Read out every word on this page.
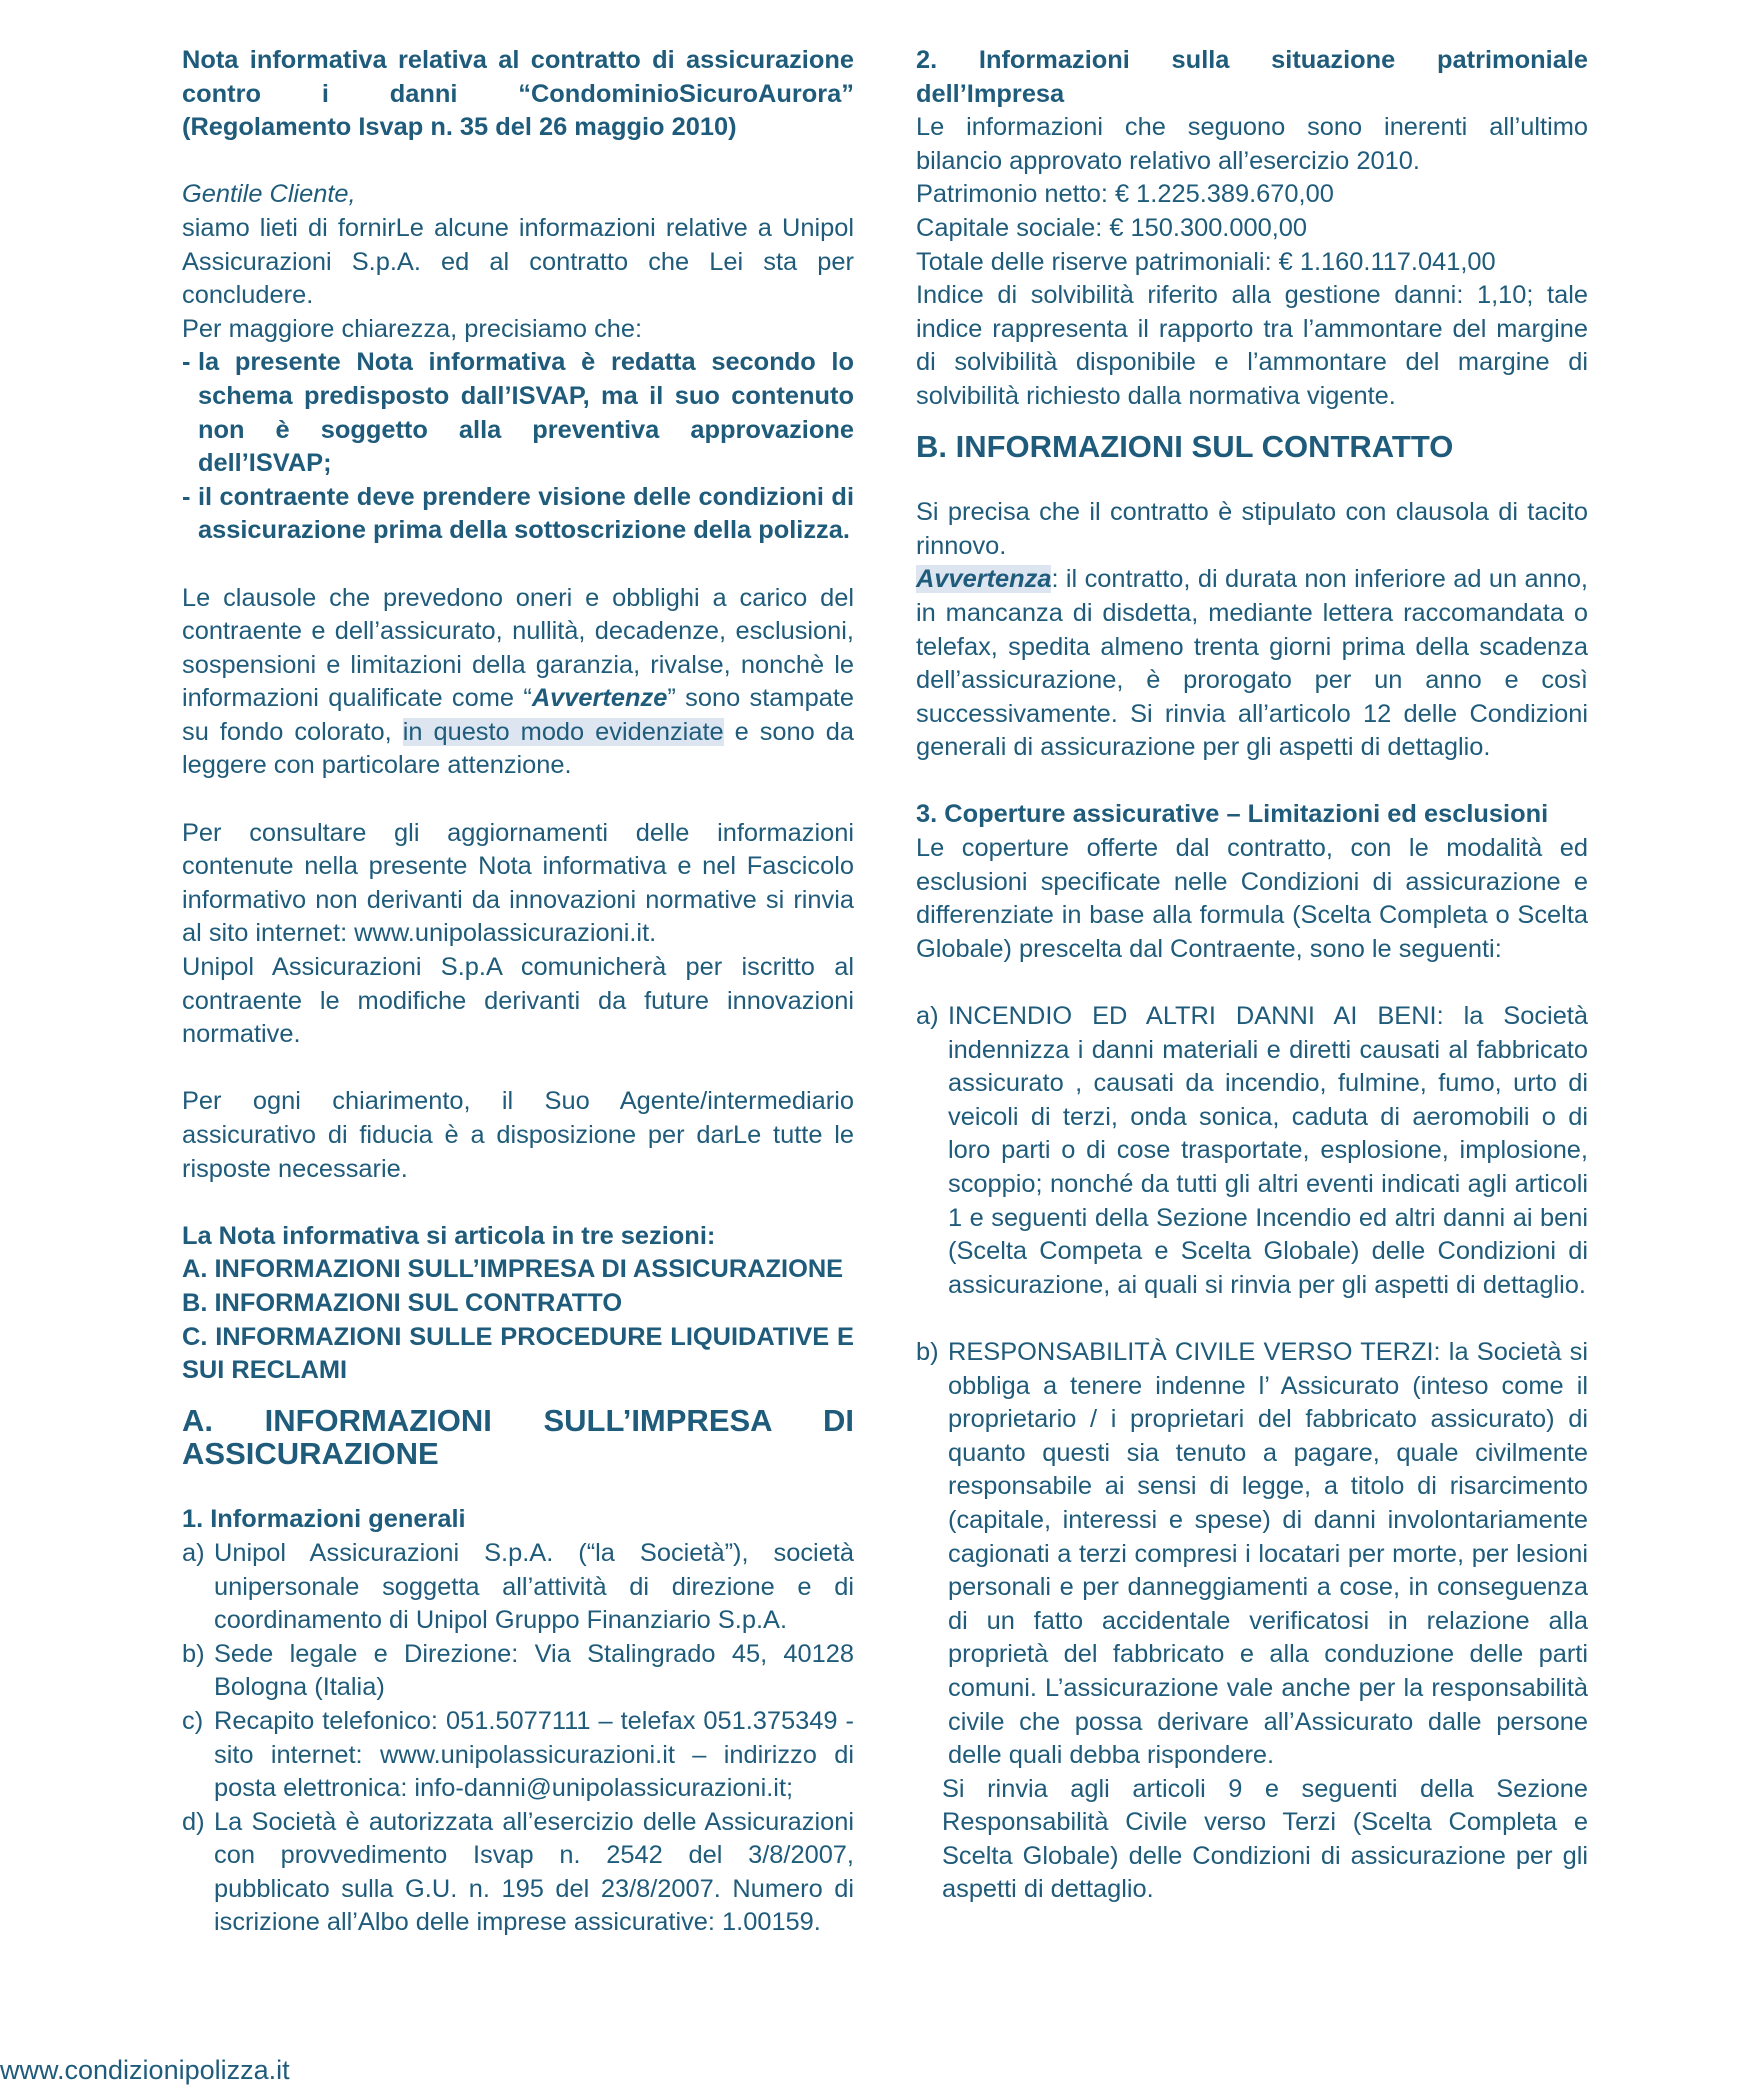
Nota informativa relativa al contratto di assicurazione contro i danni “CondominioSicuroAurora” (Regolamento Isvap n. 35 del 26 maggio 2010)

Gentile Cliente,

siamo lieti di fornirLe alcune informazioni relative a Unipol Assicurazioni S.p.A. ed al contratto che Lei sta per concludere.

Per maggiore chiarezza, precisiamo che:

- la presente Nota informativa è redatta secondo lo schema predisposto dall’ISVAP, ma il suo contenuto non è soggetto alla preventiva approvazione dell’ISVAP;
- il contraente deve prendere visione delle condizioni di assicurazione prima della sottoscrizione della polizza.

Le clausole che prevedono oneri e obblighi a carico del contraente e dell’assicurato, nullità, decadenze, esclusioni, sospensioni e limitazioni della garanzia, rivalse, nonchè le informazioni qualificate come “Avvertenze” sono stampate su fondo colorato, in questo modo evidenziate e sono da leggere con particolare attenzione.

Per consultare gli aggiornamenti delle informazioni contenute nella presente Nota informativa e nel Fascicolo informativo non derivanti da innovazioni normative si rinvia al sito internet: www.unipolassicurazioni.it.

Unipol Assicurazioni S.p.A comunicherà per iscritto al contraente le modifiche derivanti da future innovazioni normative.

Per ogni chiarimento, il Suo Agente/intermediario assicurativo di fiducia è a disposizione per darLe tutte le risposte necessarie.

La Nota informativa si articola in tre sezioni:

A. INFORMAZIONI SULL’IMPRESA DI ASSICURAZIONE

B. INFORMAZIONI SUL CONTRATTO

C. INFORMAZIONI SULLE PROCEDURE LIQUIDATIVE E SUI RECLAMI

A. INFORMAZIONI SULL’IMPRESA DI ASSICURAZIONE

1. Informazioni generali

a) Unipol Assicurazioni S.p.A. (“la Società”), società unipersonale soggetta all’attività di direzione e di coordinamento di Unipol Gruppo Finanziario S.p.A.
b) Sede legale e Direzione: Via Stalingrado 45, 40128 Bologna (Italia)
c) Recapito telefonico: 051.5077111 – telefax 051.375349 - sito internet: www.unipolassicurazioni.it – indirizzo di posta elettronica: info-danni@unipolassicurazioni.it;
d) La Società è autorizzata all’esercizio delle Assicurazioni con provvedimento Isvap n. 2542 del 3/8/2007, pubblicato sulla G.U. n. 195 del 23/8/2007. Numero di iscrizione all’Albo delle imprese assicurative: 1.00159.

2. Informazioni sulla situazione patrimoniale dell’Impresa

Le informazioni che seguono sono inerenti all’ultimo bilancio approvato relativo all’esercizio 2010.

Patrimonio netto: € 1.225.389.670,00

Capitale sociale: € 150.300.000,00

Totale delle riserve patrimoniali: € 1.160.117.041,00

Indice di solvibilità riferito alla gestione danni: 1,10; tale indice rappresenta il rapporto tra l’ammontare del margine di solvibilità disponibile e l’ammontare del margine di solvibilità richiesto dalla normativa vigente.

B. INFORMAZIONI SUL CONTRATTO

Si precisa che il contratto è stipulato con clausola di tacito rinnovo.

Avvertenza: il contratto, di durata non inferiore ad un anno, in mancanza di disdetta, mediante lettera raccomandata o telefax, spedita almeno trenta giorni prima della scadenza dell’assicurazione, è prorogato per un anno e così successivamente. Si rinvia all’articolo 12 delle Condizioni generali di assicurazione per gli aspetti di dettaglio.

3. Coperture assicurative – Limitazioni ed esclusioni

Le coperture offerte dal contratto, con le modalità ed esclusioni specificate nelle Condizioni di assicurazione e differenziate in base alla formula (Scelta Completa o Scelta Globale) prescelta dal Contraente, sono le seguenti:

a) INCENDIO ED ALTRI DANNI AI BENI: la Società indennizza i danni materiali e diretti causati al fabbricato assicurato , causati da incendio, fulmine, fumo, urto di veicoli di terzi, onda sonica, caduta di aeromobili o di loro parti o di cose trasportate, esplosione, implosione, scoppio; nonché da tutti gli altri eventi indicati agli articoli 1 e seguenti della Sezione Incendio ed altri danni ai beni (Scelta Competa e Scelta Globale) delle Condizioni di assicurazione, ai quali si rinvia per gli aspetti di dettaglio.
b) RESPONSABILITÀ CIVILE VERSO TERZI: la Società si obbliga a tenere indenne l’ Assicurato (inteso come il proprietario / i proprietari del fabbricato assicurato) di quanto questi sia tenuto a pagare, quale civilmente responsabile ai sensi di legge, a titolo di risarcimento (capitale, interessi e spese) di danni involontariamente cagionati a terzi compresi i locatari per morte, per lesioni personali e per danneggiamenti a cose, in conseguenza di un fatto accidentale verificatosi in relazione alla proprietà del fabbricato e alla conduzione delle parti comuni. L’assicurazione vale anche per la responsabilità civile che possa derivare all’Assicurato dalle persone delle quali debba rispondere.

Si rinvia agli articoli 9 e seguenti della Sezione Responsabilità Civile verso Terzi (Scelta Completa e Scelta Globale) delle Condizioni di assicurazione per gli aspetti di dettaglio.

www.condizionipolizza.it
